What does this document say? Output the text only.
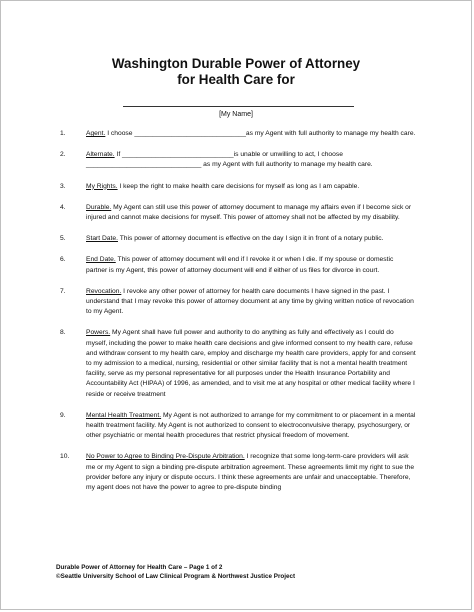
Washington Durable Power of Attorney
for Health Care for
[My Name]
1.	Agent. I choose ______________________________as my Agent with full authority to manage my health care.
2.	Alternate. If ______________________________is unable or unwilling to act, I choose _______________________________ as my Agent with full authority to manage my health care.
3.	My Rights. I keep the right to make health care decisions for myself as long as I am capable.
4.	Durable. My Agent can still use this power of attorney document to manage my affairs even if I become sick or injured and cannot make decisions for myself. This power of attorney shall not be affected by my disability.
5.	Start Date. This power of attorney document is effective on the day I sign it in front of a notary public.
6.	End Date. This power of attorney document will end if I revoke it or when I die. If my spouse or domestic partner is my Agent, this power of attorney document will end if either of us files for divorce in court.
7.	Revocation. I revoke any other power of attorney for health care documents I have signed in the past. I understand that I may revoke this power of attorney document at any time by giving written notice of revocation to my Agent.
8.	Powers. My Agent shall have full power and authority to do anything as fully and effectively as I could do myself, including the power to make health care decisions and give informed consent to my health care, refuse and withdraw consent to my health care, employ and discharge my health care providers, apply for and consent to my admission to a medical, nursing, residential or other similar facility that is not a mental health treatment facility, serve as my personal representative for all purposes under the Health Insurance Portability and Accountability Act (HIPAA) of 1996, as amended, and to visit me at any hospital or other medical facility where I reside or receive treatment
9.	Mental Health Treatment. My Agent is not authorized to arrange for my commitment to or placement in a mental health treatment facility. My Agent is not authorized to consent to electroconvulsive therapy, psychosurgery, or other psychiatric or mental health procedures that restrict physical freedom of movement.
10.	No Power to Agree to Binding Pre-Dispute Arbitration. I recognize that some long-term-care providers will ask me or my Agent to sign a binding pre-dispute arbitration agreement. These agreements limit my right to sue the provider before any injury or dispute occurs. I think these agreements are unfair and unacceptable. Therefore, my agent does not have the power to agree to pre-dispute binding
Durable Power of Attorney for Health Care – Page 1 of 2
©Seattle University School of Law Clinical Program & Northwest Justice Project
